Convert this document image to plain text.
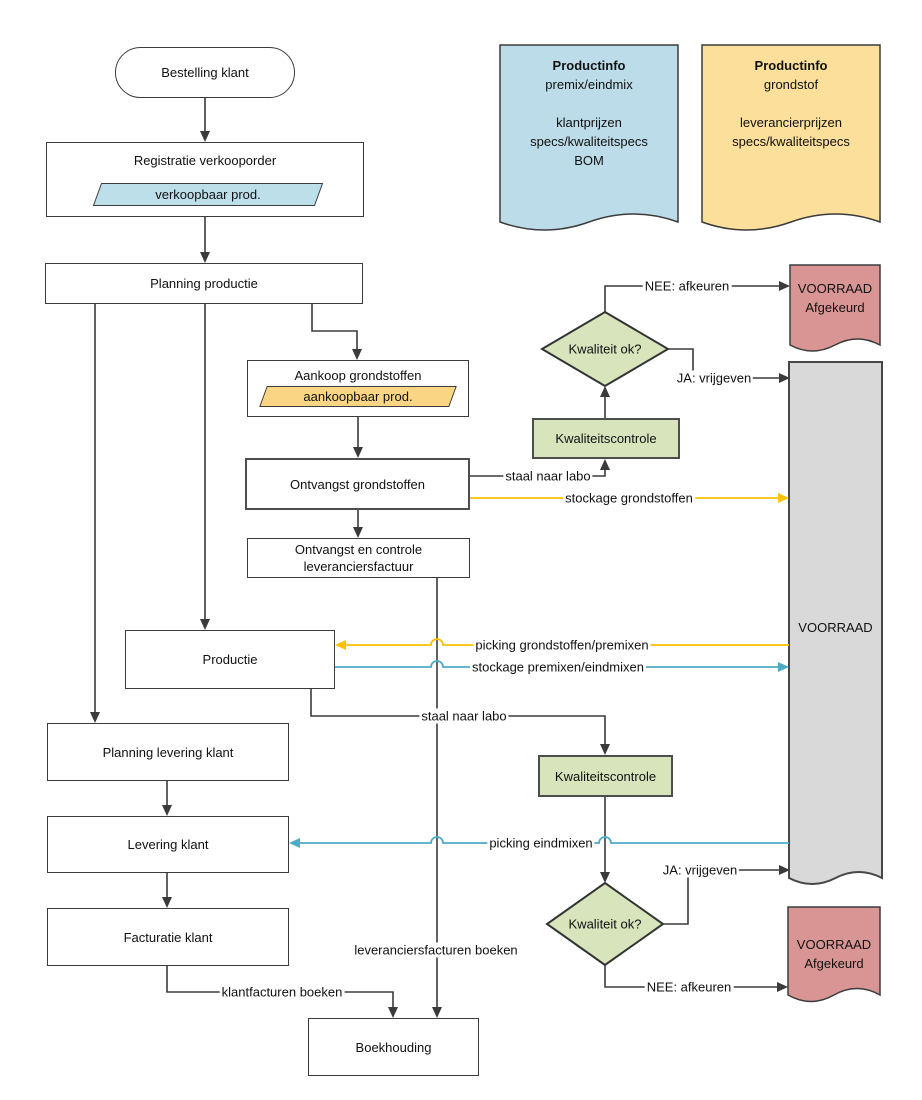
Bestelling klant
Registratie verkooporder
verkoopbaar prod.
Planning productie
Aankoop grondstoffen
aankoopbaar prod.
Ontvangst grondstoffen
Ontvangst en controle
leveranciersfactuur
Productie
Planning levering klant
Levering klant
Facturatie klant
Boekhouding
Kwaliteitscontrole
Kwaliteitscontrole
Kwaliteit ok?
Kwaliteit ok?
Productinfo
premix/eindmix

klantprijzen
specs/kwaliteitspecs
BOM
Productinfo
grondstof

leverancierprijzen
specs/kwaliteitspecs
VOORRAAD
Afgekeurd
VOORRAAD
VOORRAAD
Afgekeurd
staal naar labo
stockage grondstoffen
NEE: afkeuren
JA: vrijgeven
picking grondstoffen/premixen
stockage premixen/eindmixen
staal naar labo
picking eindmixen
JA: vrijgeven
NEE: afkeuren
klantfacturen boeken
leveranciersfacturen boeken
